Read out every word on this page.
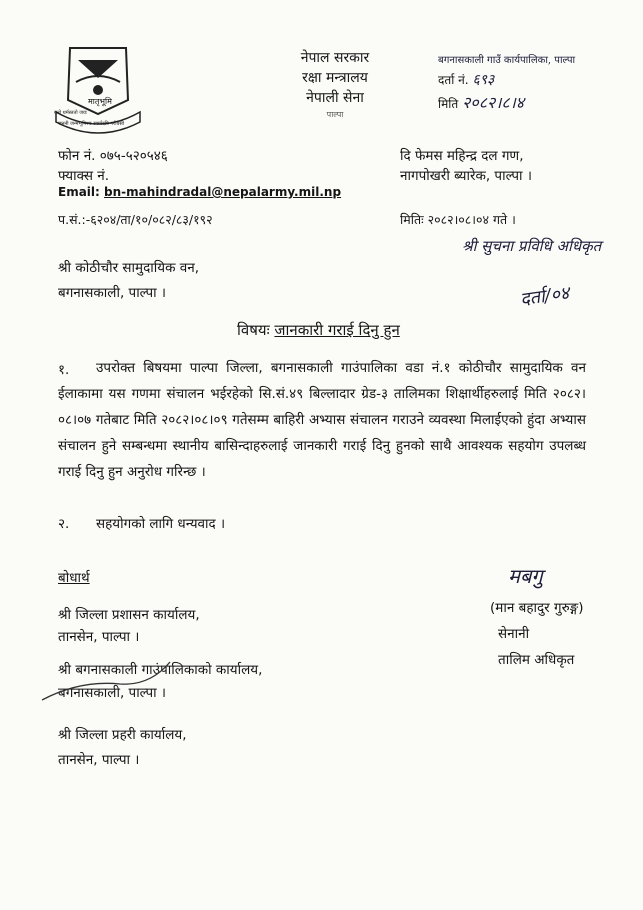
मातृभूमि
यतो धर्मस्ततो जयः
जननी जन्मभूमिश्च स्वर्गादपि गरीयसी
नेपाल सरकार
रक्षा मन्त्रालय
नेपाली सेना
पाल्पा
बगनासकाली गाउँ कार्यपालिका, पाल्पा
दर्ता नं. ६९३
मिति २०८२।८।४
फोन नं. ०७५-५२०५४६
फ्याक्स नं.
Email: bn-mahindradal@nepalarmy.mil.np
दि फेमस महिन्द्र दल गण,
नागपोखरी ब्यारेक, पाल्पा ।
प.सं.:-६२०४/ता/१०/०८२/८३/१९२	मितिः २०८२।०८।०४ गते ।
श्री सुचना प्रविधि अधिकृत
दर्ता/०४
श्री कोठीचौर सामुदायिक वन,
बगनासकाली, पाल्पा ।
विषयः जानकारी गराई दिनु हुन
१.	उपरोक्त बिषयमा पाल्पा जिल्ला, बगनासकाली गाउंपालिका वडा नं.१ कोठीचौर सामुदायिक वन ईलाकामा यस गणमा संचालन भईरहेको सि.सं.४९ बिल्लादार ग्रेड-३ तालिमका शिक्षार्थीहरुलाई मिति २०८२।०८।०७ गतेबाट मिति २०८२।०८।०९ गतेसम्म बाहिरी अभ्यास संचालन गराउने व्यवस्था मिलाईएको हुंदा अभ्यास संचालन हुने सम्बन्धमा स्थानीय बासिन्दाहरुलाई जानकारी गराई दिनु हुनको साथै आवश्यक सहयोग उपलब्ध गराई दिनु हुन अनुरोध गरिन्छ ।
२. सहयोगको लागि धन्यवाद ।
बोधार्थ
श्री जिल्ला प्रशासन कार्यालय,
तानसेन, पाल्पा ।
श्री बगनासकाली गाउंपालिकाको कार्यालय,
बगनासकाली, पाल्पा ।
श्री जिल्ला प्रहरी कार्यालय,
तानसेन, पाल्पा ।
मबगु
(मान बहादुर गुरुङ्ग)
सेनानी
तालिम अधिकृत
